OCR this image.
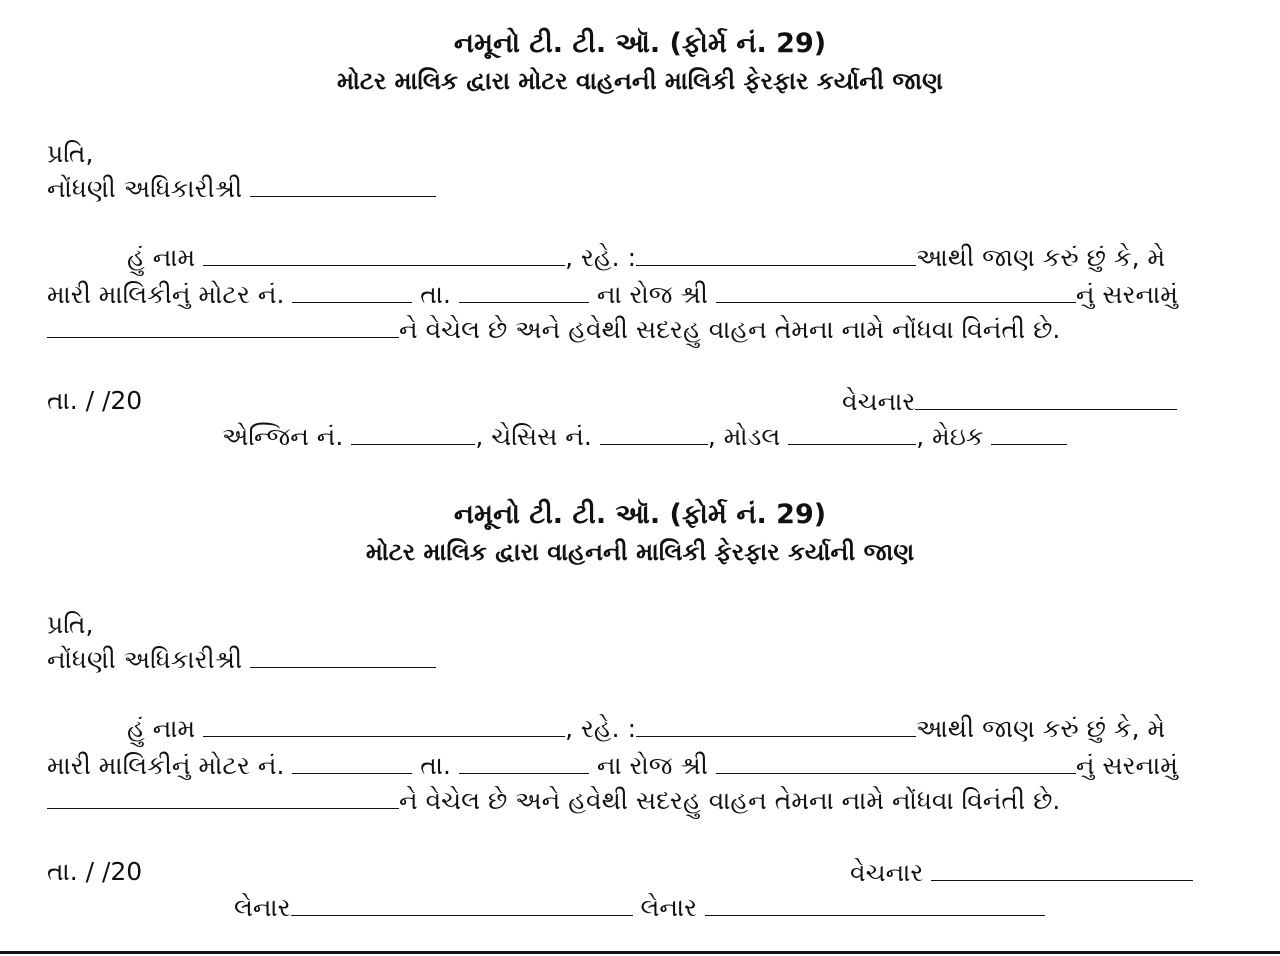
નમૂનો ટી. ટી. ઑ. (ફોર્મ નં. 29)
મોટર માલિક દ્વારા મોટર વાહનની માલિકી ફેરફાર કર્યાની જાણ
પ્રતિ,
નોંધણી અધિકારીશ્રી
હું નામ	, રહે. :	આથી જાણ કરું છું કે, મે
મારી માલિકીનું મોટર નં.	તા.	ના રોજ શ્રી	નું સરનામું
ને વેચેલ છે અને હવેથી સદરહુ વાહન તેમના નામે નોંધવા વિનંતી છે.
તા. / /20	વેચનાર
એન્જિન નં.	, ચેસિસ નં.	, મોડલ	, મેઇક
નમૂનો ટી. ટી. ઑ. (ફોર્મ નં. 29)
મોટર માલિક દ્વારા વાહનની માલિકી ફેરફાર કર્યાની જાણ
પ્રતિ,
નોંધણી અધિકારીશ્રી
હું નામ	, રહે. :	આથી જાણ કરું છું કે, મે
મારી માલિકીનું મોટર નં.	તા.	ના રોજ શ્રી	નું સરનામું
ને વેચેલ છે અને હવેથી સદરહુ વાહન તેમના નામે નોંધવા વિનંતી છે.
તા. / /20	વેચનાર
લેનાર	લેનાર
